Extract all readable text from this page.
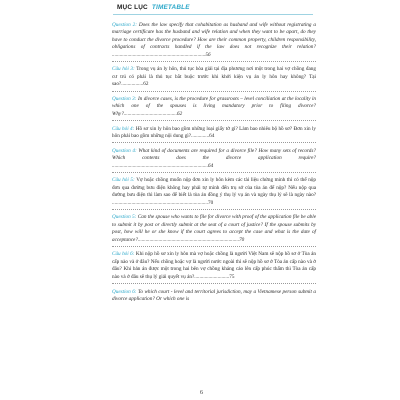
MỤC LỤC TIMETABLE

Question 2: Does the law specify that cohabitation as husband and wife without registrating a marriage certificate has the husband and wife relation and when they want to be apart, do they have to conduct the divorce procedure? How are their common property, children responsibility, obligations of contracts handled if the law does not recognize their relation? ........................................................................56

Câu hỏi 3: Trong vụ án ly hôn, thủ tục hòa giải tại địa phương nơi một trong hai vợ chồng đang cư trú có phải là thủ tục bắt buộc trước khi khởi kiện vụ án ly hôn hay không? Tại sao?.................62

Question 3: In divorce cases, is the procedure for grassroots – level conciliation at the locality in which one of the spouses is living mandatory prior to filing divorce? Why?.........................................62

Câu hỏi 4: Hồ sơ xin ly hôn bao gồm những loại giấy tờ gì? Làm bao nhiêu bộ hồ sơ? Đơn xin ly hôn phải bao gồm những nội dung gì?..............64

Question 4: What kind of documents are required for a divorce file? How many sets of records? Which contents does the divorce application require? ..........................................................................64

Câu hỏi 5: Vợ hoặc chồng muốn nộp đơn xin ly hôn kèm các tài liệu chứng minh thì có thể nộp đơn qua đường bưu điện không hay phải tự mình đến trụ sở của tòa án để nộp? Nếu nộp qua đường bưu điện thì làm sao để biết là tòa án đồng ý thụ lý vụ án và ngày thụ lý sẽ là ngày nào? ..........................................................................70

Question 5: Can the spouse who wants to file for divorce with proof of the application file be able to submit it by post or directly submit at the seat of a court of justice? If the spouse submits by post, how will he or she know if the court agrees to accept the case and what is the date of acceptance?..............................................................................70

Câu hỏi 6: Khi nộp hồ sơ xin ly hôn mà vợ hoặc chồng là người Việt Nam sẽ nộp hồ sơ ở Tòa án cấp nào và ở đâu? Nếu chồng hoặc vợ là người nước ngoài thì sẽ nộp hồ sơ ở Tòa án cấp nào và ở đâu? Khi bản án được một trong hai bên vợ chồng kháng cáo lên cấp phúc thẩm thì Tòa án cấp nào và ở đâu sẽ thụ lý giải quyết vụ án?...........................75

Question 6: To which court - level and territorial jurisdiction, may a Vietnamese person submit a divorce application? Or which one is

6
